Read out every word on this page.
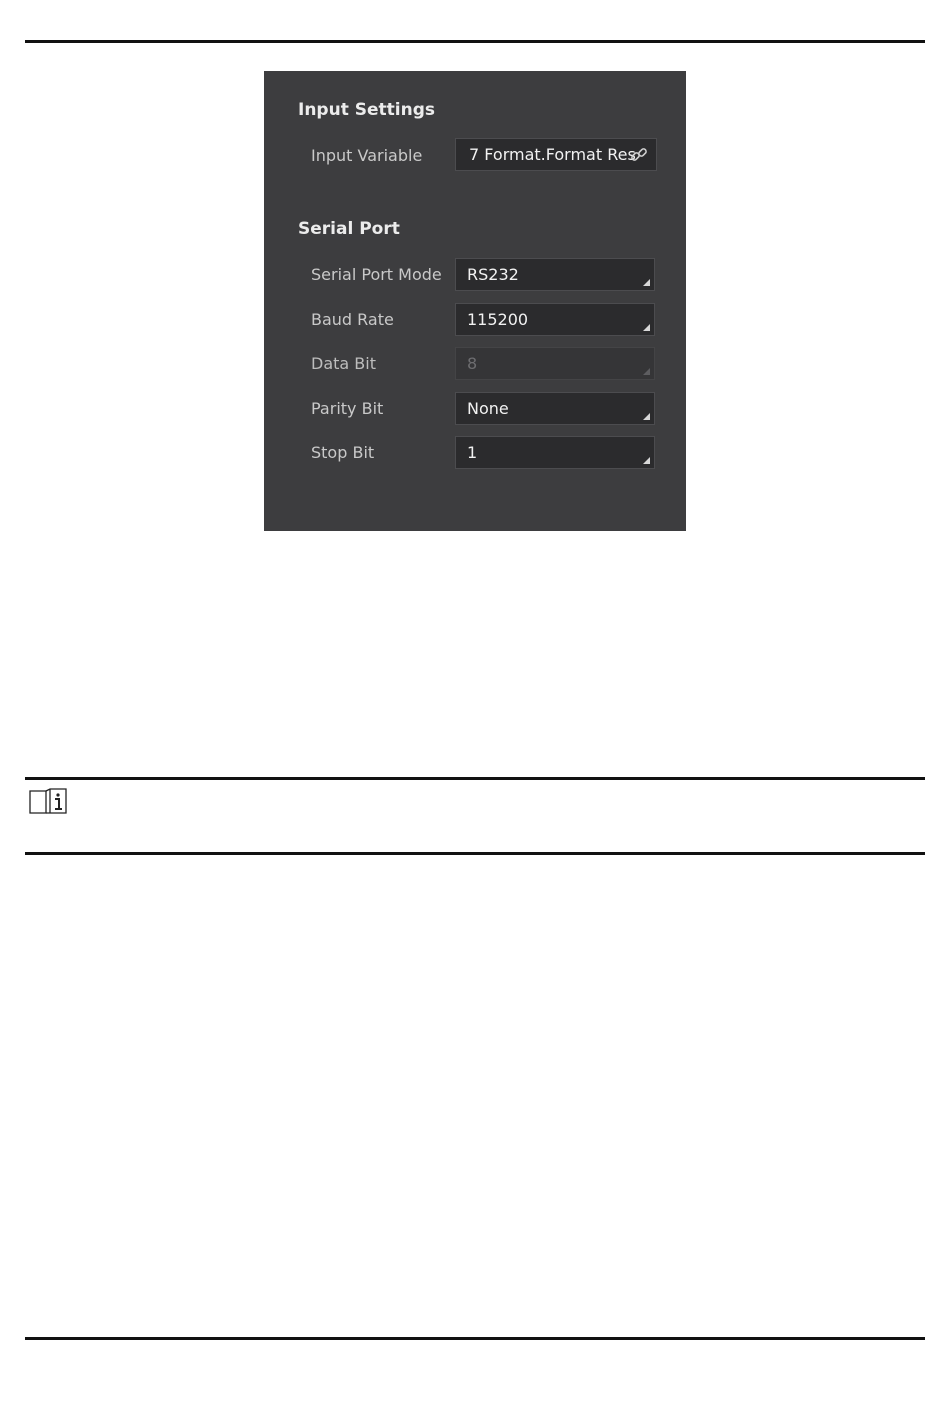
Input Settings
Input Variable	7 Format.Format Res
Serial Port
Serial Port Mode RS232
Baud Rate	115200
Data Bit	8
Parity Bit	None
Stop Bit	1
